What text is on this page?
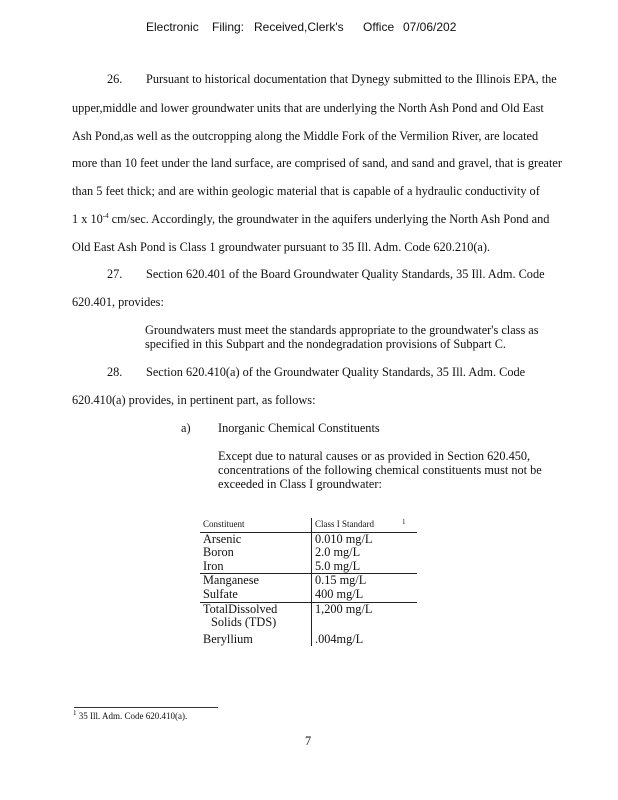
Electronic Filing: Received,Clerk's Office 07/06/202
26. Pursuant to historical documentation that Dynegy submitted to the Illinois EPA, the
upper,middle and lower groundwater units that are underlying the North Ash Pond and Old East
Ash Pond,as well as the outcropping along the Middle Fork of the Vermilion River, are located
more than 10 feet under the land surface, are comprised of sand, and sand and gravel, that is greater
than 5 feet thick; and are within geologic material that is capable of a hydraulic conductivity of
1 x $10^{-4}$ cm/sec. Accordingly, the groundwater in the aquifers underlying the North Ash Pond and
Old East Ash Pond is Class 1 groundwater pursuant to 35 Ill. Adm. Code 620.210(a).
27. Section 620.401 of the Board Groundwater Quality Standards, 35 Ill. Adm. Code
620.401, provides:
Groundwaters must meet the standards appropriate to the groundwater's class as
specified in this Subpart and the nondegradation provisions of Subpart C.
28. Section 620.410(a) of the Groundwater Quality Standards, 35 Ill. Adm. Code
620.410(a) provides, in pertinent part, as follows:
a) Inorganic Chemical Constituents
Except due to natural causes or as provided in Section 620.450,
concentrations of the following chemical constituents must not be
exceeded in Class I groundwater:
Constituent	Class I Standard
Arsenic	0.010 mg/L
Boron	2.0 mg/L
Iron	5.0 mg/L
Manganese	0.15 mg/L
Sulfate	400 mg/L

TotalDissolved
Solids (TDS)	1,200 mg/L
Beryllium	.004mg/L
1
$^1$ 35 Ill. Adm. Code 620.410(a).
7
